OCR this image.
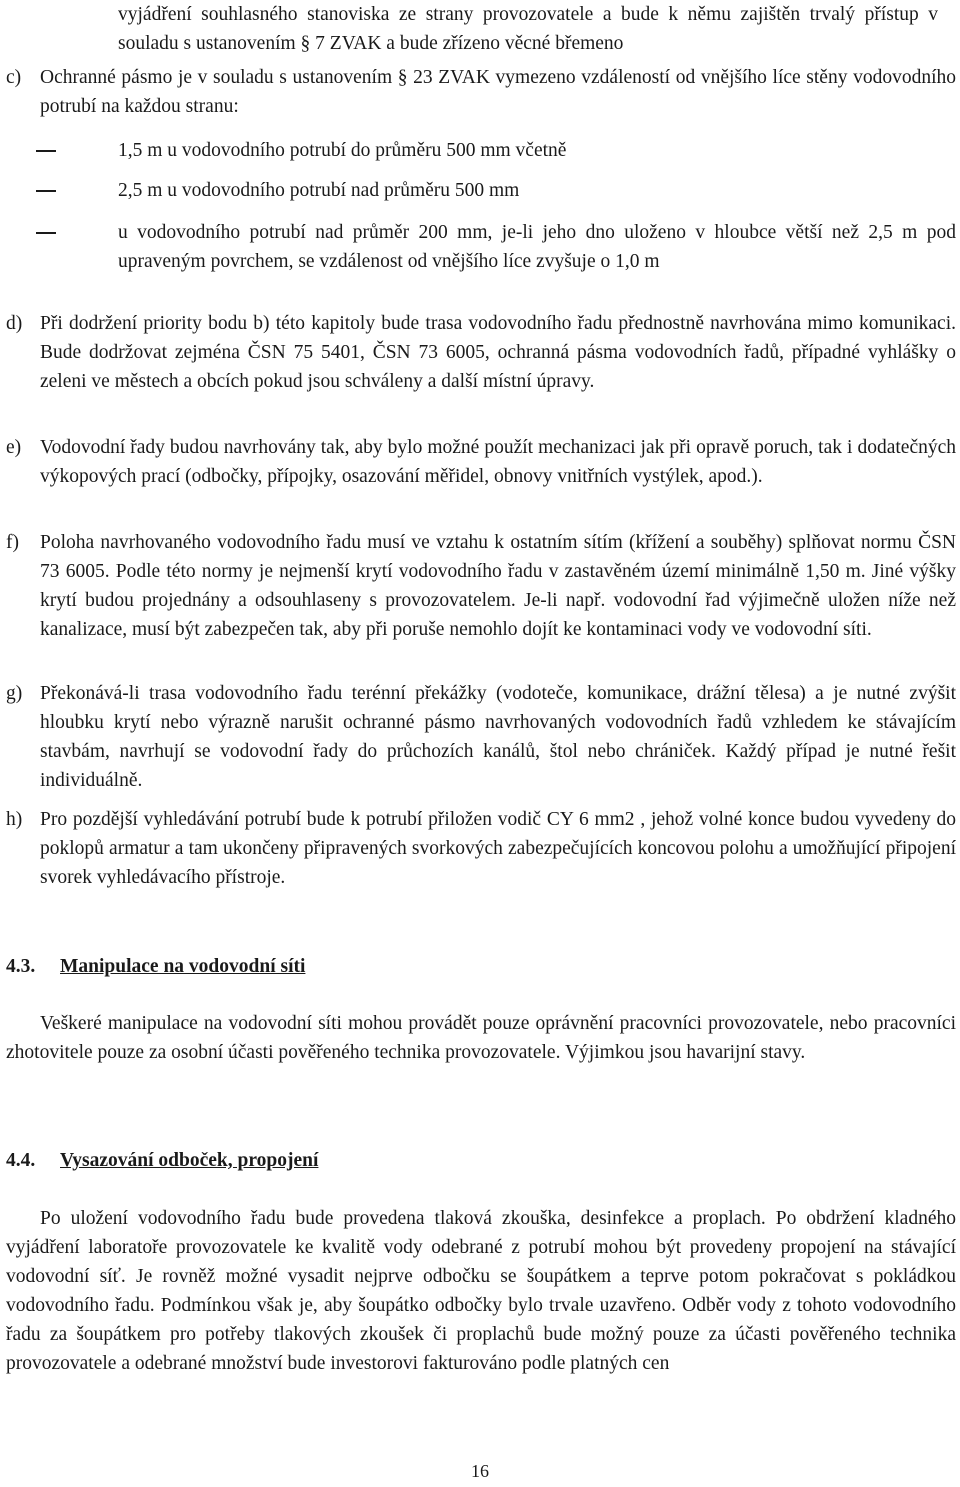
vyjádření souhlasného stanoviska ze strany provozovatele a bude k němu zajištěn trvalý přístup v souladu s ustanovením § 7 ZVAK a bude zřízeno věcné břemeno
c) Ochranné pásmo je v souladu s ustanovením § 23 ZVAK vymezeno vzdáleností od vnějšího líce stěny vodovodního potrubí na každou stranu:
1,5 m u vodovodního potrubí do průměru 500 mm včetně
2,5 m u vodovodního potrubí nad průměru 500 mm
u vodovodního potrubí nad průměr 200 mm, je-li jeho dno uloženo v hloubce větší než 2,5 m pod upraveným povrchem, se vzdálenost od vnějšího líce zvyšuje o 1,0 m
d) Při dodržení priority bodu b) této kapitoly bude trasa vodovodního řadu přednostně navrhována mimo komunikaci. Bude dodržovat zejména ČSN 75 5401, ČSN 73 6005, ochranná pásma vodovodních řadů, případné vyhlášky o zeleni ve městech a obcích pokud jsou schváleny a další místní úpravy.
e) Vodovodní řady budou navrhovány tak, aby bylo možné použít mechanizaci jak při opravě poruch, tak i dodatečných výkopových prací (odbočky, přípojky, osazování měřidel, obnovy vnitřních vystýlek, apod.).
f)	Poloha navrhovaného vodovodního řadu musí ve vztahu k ostatním sítím (křížení a souběhy) splňovat normu ČSN 73 6005. Podle této normy je nejmenší krytí vodovodního řadu v zastavěném území minimálně 1,50 m. Jiné výšky krytí budou projednány a odsouhlaseny s provozovatelem. Je-li např. vodovodní řad výjimečně uložen níže než kanalizace, musí být zabezpečen tak, aby při poruše nemohlo dojít ke kontaminaci vody ve vodovodní síti.
g) Překonává-li trasa vodovodního řadu terénní překážky (vodoteče, komunikace, drážní tělesa) a je nutné zvýšit hloubku krytí nebo výrazně narušit ochranné pásmo navrhovaných vodovodních řadů vzhledem ke stávajícím stavbám, navrhují se vodovodní řady do průchozích kanálů, štol nebo chrániček. Každý případ je nutné řešit individuálně.
h) Pro pozdější vyhledávání potrubí bude k potrubí přiložen vodič CY 6 mm2 , jehož volné konce budou vyvedeny do poklopů armatur a tam ukončeny připravených svorkových zabezpečujících koncovou polohu a umožňující připojení svorek vyhledávacího přístroje.
4.3.	Manipulace na vodovodní síti
Veškeré manipulace na vodovodní síti mohou provádět pouze oprávnění pracovníci provozovatele, nebo pracovníci zhotovitele pouze za osobní účasti pověřeného technika provozovatele. Výjimkou jsou havarijní stavy.
4.4.	Vysazování odboček, propojení
Po uložení vodovodního řadu bude provedena tlaková zkouška, desinfekce a proplach. Po obdržení kladného vyjádření laboratoře provozovatele ke kvalitě vody odebrané z potrubí mohou být provedeny propojení na stávající vodovodní síť. Je rovněž možné vysadit nejprve odbočku se šoupátkem a teprve potom pokračovat s pokládkou vodovodního řadu. Podmínkou však je, aby šoupátko odbočky bylo trvale uzavřeno. Odběr vody z tohoto vodovodního řadu za šoupátkem pro potřeby tlakových zkoušek či proplachů bude možný pouze za účasti pověřeného technika provozovatele a odebrané množství bude investorovi fakturováno podle platných cen
16
